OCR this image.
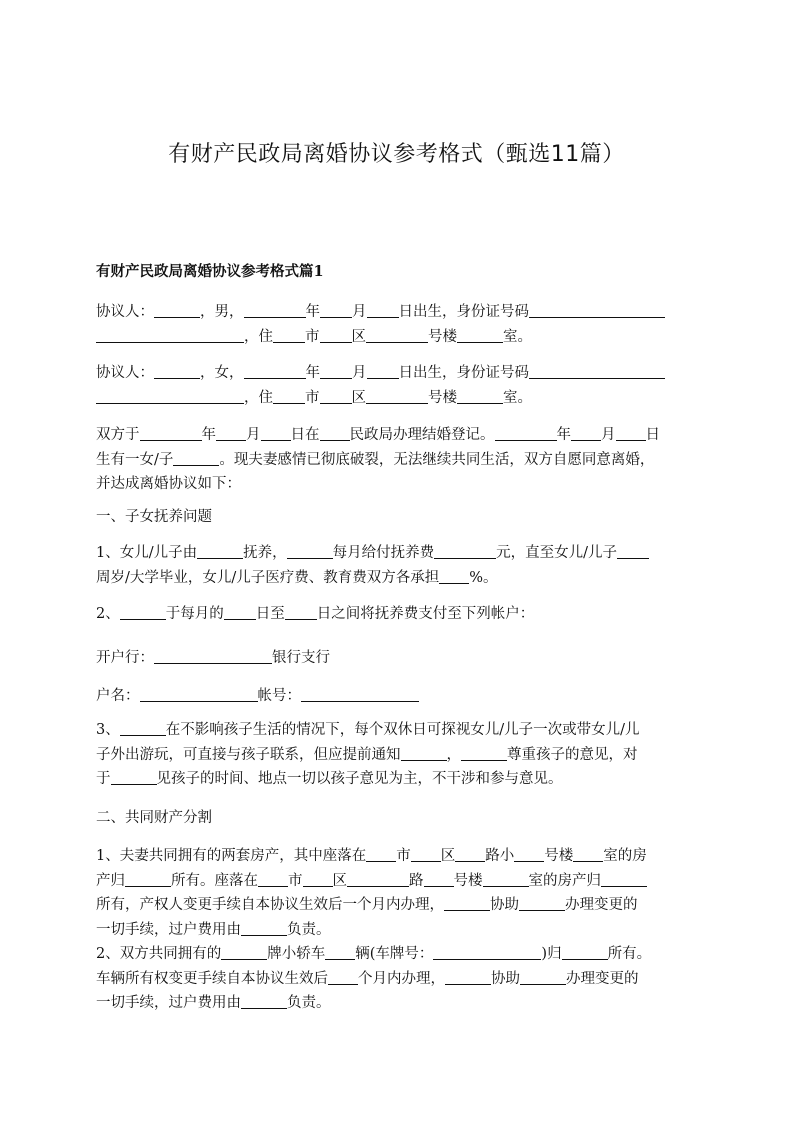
有财产民政局离婚协议参考格式（甄选11篇）
有财产民政局离婚协议参考格式篇1
协议人：	，男，	年 月 日出生，身份证号码
，住 市 区	号楼	室。
协议人：	，女，	年 月 日出生，身份证号码
，住 市 区	号楼	室。
双方于	年 月 日在 民政局办理结婚登记。	年 月 日
生有一女/子	。现夫妻感情已彻底破裂，无法继续共同生活，双方自愿同意离婚，
并达成离婚协议如下：
一、子女抚养问题
1、女儿/儿子由	抚养，	每月给付抚养费	元，直至女儿/儿子
周岁/大学毕业，女儿/儿子医疗费、教育费双方各承担 %。
2、	于每月的 日至 日之间将抚养费支付至下列帐户：
开户行：	银行支行
户名：	帐号：
3、	在不影响孩子生活的情况下，每个双休日可探视女儿/儿子一次或带女儿/儿
子外出游玩，可直接与孩子联系，但应提前通知	，	尊重孩子的意见，对
于	见孩子的时间、地点一切以孩子意见为主，不干涉和参与意见。
二、共同财产分割
1、夫妻共同拥有的两套房产，其中座落在 市 区 路小 号楼 室的房
产归	所有。座落在 市 区	路 号楼	室的房产归
所有，产权人变更手续自本协议生效后一个月内办理，	协助	办理变更的
一切手续，过户费用由	负责。
2、双方共同拥有的	牌小轿车 辆(车牌号：	)归	所有。
车辆所有权变更手续自本协议生效后 个月内办理，	协助	办理变更的
一切手续，过户费用由	负责。
